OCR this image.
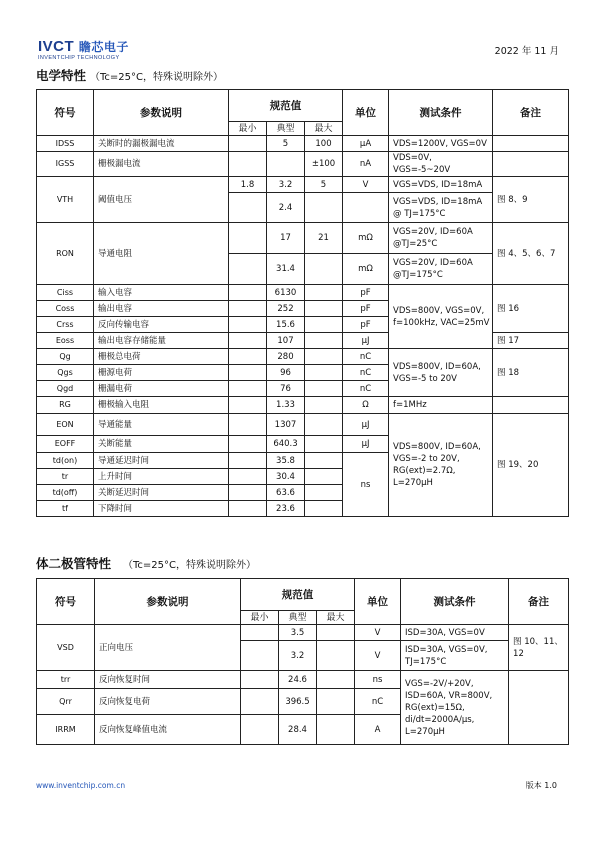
IVCT 瞻芯电子
INVENTCHIP TECHNOLOGY
2022 年 11 月
电学特性 （Tc=25°C，特殊说明除外）
符号	参数说明	规范值			单位	测试条件	备注
		最小	典型	最大			
IDSS	关断时的漏极漏电流		5	100	μA	VDS=1200V, VGS=0V	
IGSS	栅极漏电流			±100	nA	VDS=0V, VGS=-5~20V	
VTH	阈值电压	1.8	3.2	5	V	VGS=VDS, ID=18mA	图 8、9
			2.4			VGS=VDS, ID=18mA @ TJ=175°C	
RON	导通电阻		17	21	mΩ	VGS=20V, ID=60A @TJ=25°C	图 4、5、6、7
			31.4		mΩ	VGS=20V, ID=60A @TJ=175°C	
Ciss	输入电容		6130		pF	VDS=800V, VGS=0V, f=100kHz, VAC=25mV	图 16
Coss	输出电容		252		pF		
Crss	反向传输电容		15.6		pF		
Eoss	输出电容存储能量		107		μJ		图 17
Qg	栅极总电荷		280		nC	VDS=800V, ID=60A, VGS=-5 to 20V	图 18
Qgs	栅源电荷		96		nC		
Qgd	栅漏电荷		76		nC		
RG	栅极输入电阻		1.33		Ω	f=1MHz	
EON	导通能量		1307		μJ	VDS=800V, ID=60A, VGS=-2 to 20V, RG(ext)=2.7Ω, L=270μH	图 19、20
EOFF	关断能量		640.3		μJ		
td(on)	导通延迟时间		35.8		ns		
tr	上升时间		30.4				
td(off)	关断延迟时间		63.6				
tf	下降时间		23.6				
体二极管特性 （Tc=25°C，特殊说明除外）
符号	参数说明	规范值			单位	测试条件	备注
		最小	典型	最大			
VSD	正向电压		3.5		V	ISD=30A, VGS=0V	图 10、11、12
			3.2		V	ISD=30A, VGS=0V, TJ=175°C	
trr	反向恢复时间		24.6		ns	VGS=-2V/+20V, ISD=60A, VR=800V, RG(ext)=15Ω, di/dt=2000A/μs, L=270μH	
Qrr	反向恢复电荷		396.5		nC		
IRRM	反向恢复峰值电流		28.4		A		
www.inventchip.com.cn	版本 1.0
